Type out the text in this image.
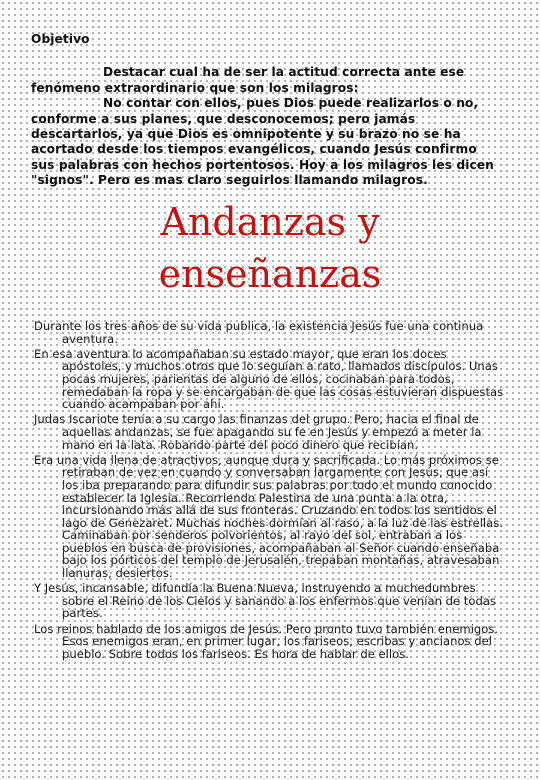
Objetivo

Destacar cual ha de ser la actitud correcta ante ese fenómeno extraordinario que son los milagros:

No contar con ellos, pues Dios puede realizarlos o no, conforme a sus planes, que desconocemos; pero jamás descartarlos, ya que Dios es omnipotente y su brazo no se ha acortado desde los tiempos evangélicos, cuando Jesús confirmo sus palabras con hechos portentosos. Hoy a los milagros les dicen "signos". Pero es mas claro seguirlos llamando milagros.

Andanzas y
enseñanzas

Durante los tres años de su vida publica, la existencia Jesús fue una continua aventura.

En esa aventura lo acompañaban su estado mayor, que eran los doces apóstoles, y muchos otros que lo seguían a rato, llamados discípulos. Unas pocas mujeres, parientas de alguno de ellos, cocinaban para todos, remedaban la ropa y se encargaban de que las cosas estuvieran dispuestas cuando acampaban por ahí.

Judas Iscariote tenía a su cargo las finanzas del grupo. Pero, hacia el final de aquellas andanzas, se fue apagando su fe en Jesús y empezó a meter la mano en la lata. Robando parte del poco dinero que recibían.

Era una vida llena de atractivos, aunque dura y sacrificada. Lo más próximos se retiraban de vez en cuando y conversaban largamente con Jesús, que así los iba preparando para difundir sus palabras por todo el mundo conocido establecer la Iglesia. Recorriendo Palestina de una punta a la otra, incursionando más allá de sus fronteras. Cruzando en todos los sentidos el lago de Genezaret. Muchas noches dormían al raso, a la luz de las estrellas. Caminaban por senderos polvorientos, al rayo del sol, entraban a los pueblos en busca de provisiones, acompañaban al Señor cuando enseñaba bajo los pórticos del templo de Jerusalén, trepaban montañas, atravesaban llanuras, desiertos.

Y Jesús, incansable, difundía la Buena Nueva, instruyendo a muchedumbres sobre el Reino de los Cielos y sanando a los enfermos que venían de todas partes.

Los reinos hablado de los amigos de Jesús. Pero pronto tuvo también enemigos. Esos enemigos eran, en primer lugar, los fariseos, escribas y ancianos del pueblo. Sobre todos los fariseos. Es hora de hablar de ellos.
